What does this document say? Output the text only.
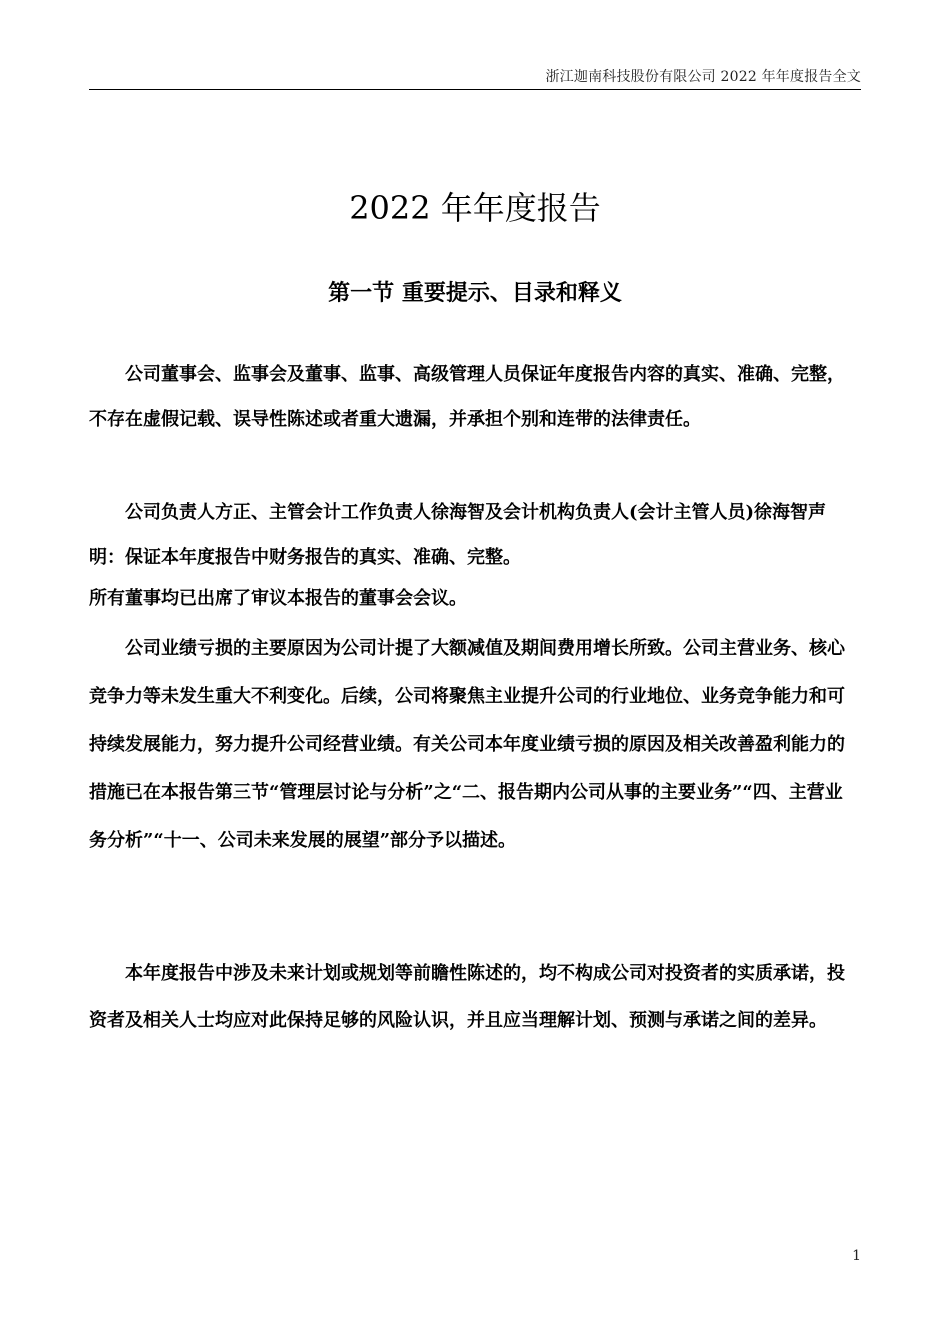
浙江迦南科技股份有限公司 2022 年年度报告全文
2022 年年度报告
第一节 重要提示、目录和释义

公司董事会、监事会及董事、监事、高级管理人员保证年度报告内容的真实、准确、完整，不存在虚假记载、误导性陈述或者重大遗漏，并承担个别和连带的法律责任。

公司负责人方正、主管会计工作负责人徐海智及会计机构负责人(会计主管人员)徐海智声明：保证本年度报告中财务报告的真实、准确、完整。

所有董事均已出席了审议本报告的董事会会议。

公司业绩亏损的主要原因为公司计提了大额减值及期间费用增长所致。公司主营业务、核心竞争力等未发生重大不利变化。后续，公司将聚焦主业提升公司的行业地位、业务竞争能力和可持续发展能力，努力提升公司经营业绩。有关公司本年度业绩亏损的原因及相关改善盈利能力的措施已在本报告第三节“管理层讨论与分析”之“二、报告期内公司从事的主要业务”“四、主营业务分析”“十一、公司未来发展的展望”部分予以描述。

本年度报告中涉及未来计划或规划等前瞻性陈述的，均不构成公司对投资者的实质承诺，投资者及相关人士均应对此保持足够的风险认识，并且应当理解计划、预测与承诺之间的差异。

1
